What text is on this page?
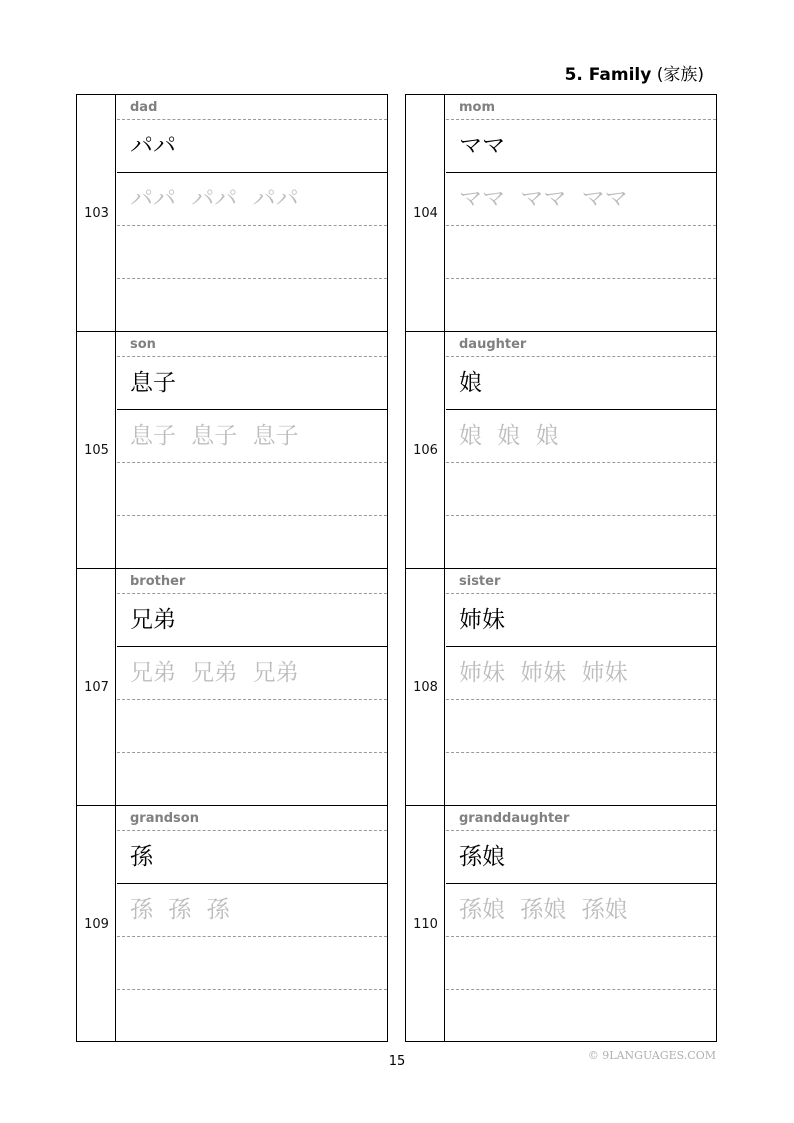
5. Family (家族)
103
dad
パパ
パパ パパ パパ
104
mom
ママ
ママ ママ ママ
105
son
息子
息子 息子 息子
106
daughter
娘
娘 娘 娘
107
brother
兄弟
兄弟 兄弟 兄弟
108
sister
姉妹
姉妹 姉妹 姉妹
109
grandson
孫
孫 孫 孫
110
granddaughter
孫娘
孫娘 孫娘 孫娘
15	© 9LANGUAGES.COM
